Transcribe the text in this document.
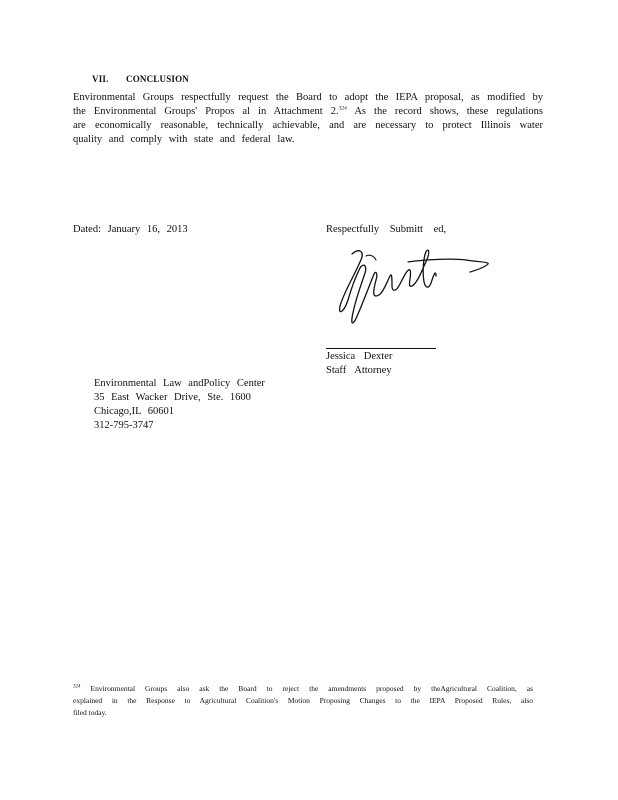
VII. CONCLUSION
Environmental Groups respectfully request the Board to adopt the IEPA proposal, as modified by
the Environmental Groups' Propos al in Attachment 2.$^{324}$ As the record shows, these regulations
are economically reasonable, technically achievable, and are necessary to protect Illinois water
quality and comply with state and federal law.
Dated: January 16, 2013	Respectfully Submitt ed,
Jessica Dexter
Staff Attorney
Environmental Law andPolicy Center
35 East Wacker Drive, Ste. 1600
Chicago,IL 60601
312-795-3747
$^{324}$ Environmental Groups also ask the Board to reject the amendments proposed by theAgricultural Coalition, as
explained in the Response to Agricultural Coalition's Motion Proposing Changes to the IEPA Proposed Rules, also
filed today.
